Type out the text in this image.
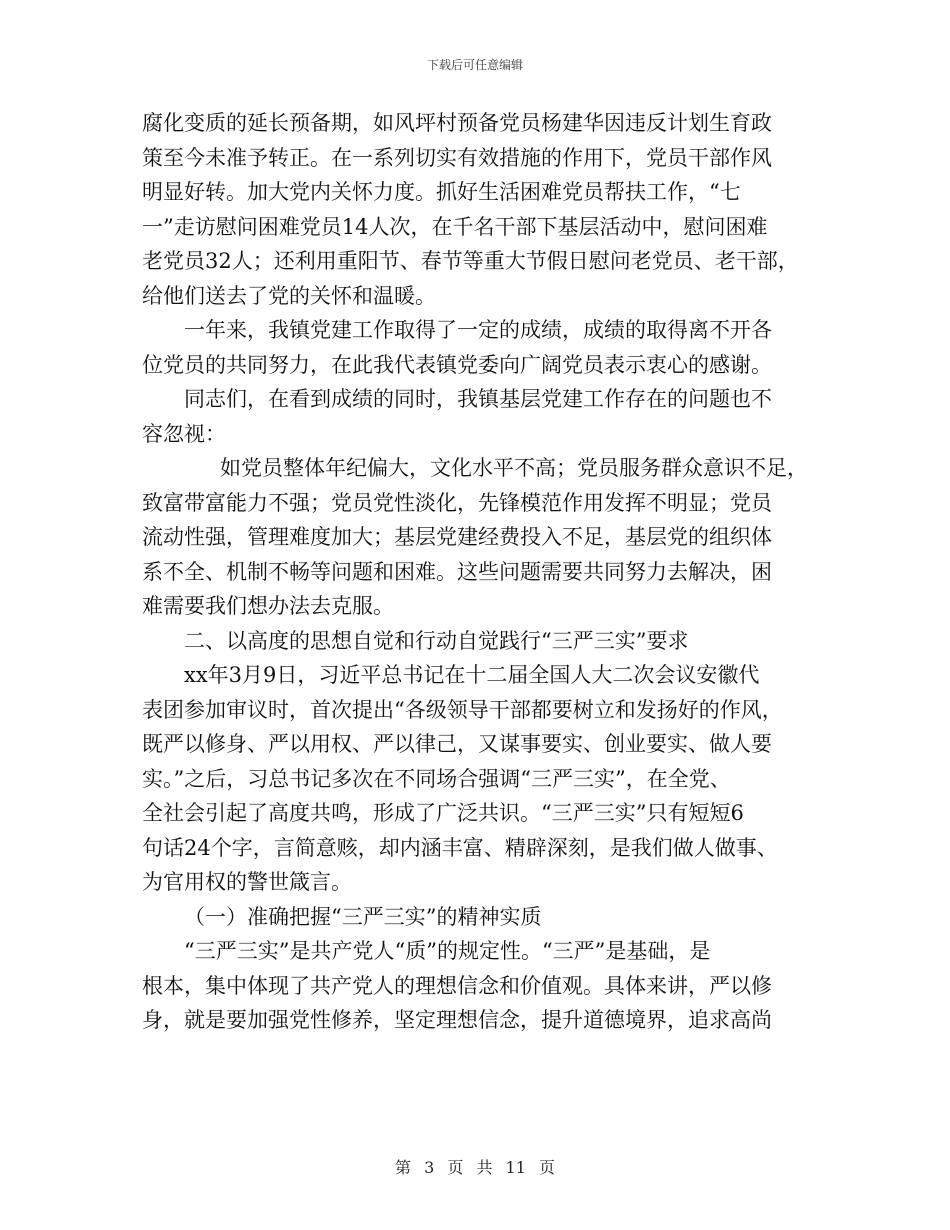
下载后可任意编辑
腐化变质的延长预备期，如风坪村预备党员杨建华因违反计划生育政
策至今未准予转正。在一系列切实有效措施的作用下，党员干部作风
明显好转。加大党内关怀力度。抓好生活困难党员帮扶工作，“七
一”走访慰问困难党员14人次，在千名干部下基层活动中，慰问困难
老党员32人；还利用重阳节、春节等重大节假日慰问老党员、老干部，
给他们送去了党的关怀和温暖。
一年来，我镇党建工作取得了一定的成绩，成绩的取得离不开各
位党员的共同努力，在此我代表镇党委向广阔党员表示衷心的感谢。
同志们，在看到成绩的同时，我镇基层党建工作存在的问题也不
容忽视：
如党员整体年纪偏大，文化水平不高；党员服务群众意识不足，
致富带富能力不强；党员党性淡化，先锋模范作用发挥不明显；党员
流动性强，管理难度加大；基层党建经费投入不足，基层党的组织体
系不全、机制不畅等问题和困难。这些问题需要共同努力去解决，困
难需要我们想办法去克服。
二、以高度的思想自觉和行动自觉践行“三严三实”要求
xx年3月9日，习近平总书记在十二届全国人大二次会议安徽代
表团参加审议时，首次提出“各级领导干部都要树立和发扬好的作风，
既严以修身、严以用权、严以律己，又谋事要实、创业要实、做人要
实。”之后，习总书记多次在不同场合强调“三严三实”，在全党、
全社会引起了高度共鸣，形成了广泛共识。“三严三实”只有短短6
句话24个字，言简意赅，却内涵丰富、精辟深刻，是我们做人做事、
为官用权的警世箴言。
（一）准确把握“三严三实”的精神实质
“三严三实”是共产党人“质”的规定性。“三严”是基础，是
根本，集中体现了共产党人的理想信念和价值观。具体来讲，严以修
身，就是要加强党性修养，坚定理想信念，提升道德境界，追求高尚
第 3 页 共 11 页
